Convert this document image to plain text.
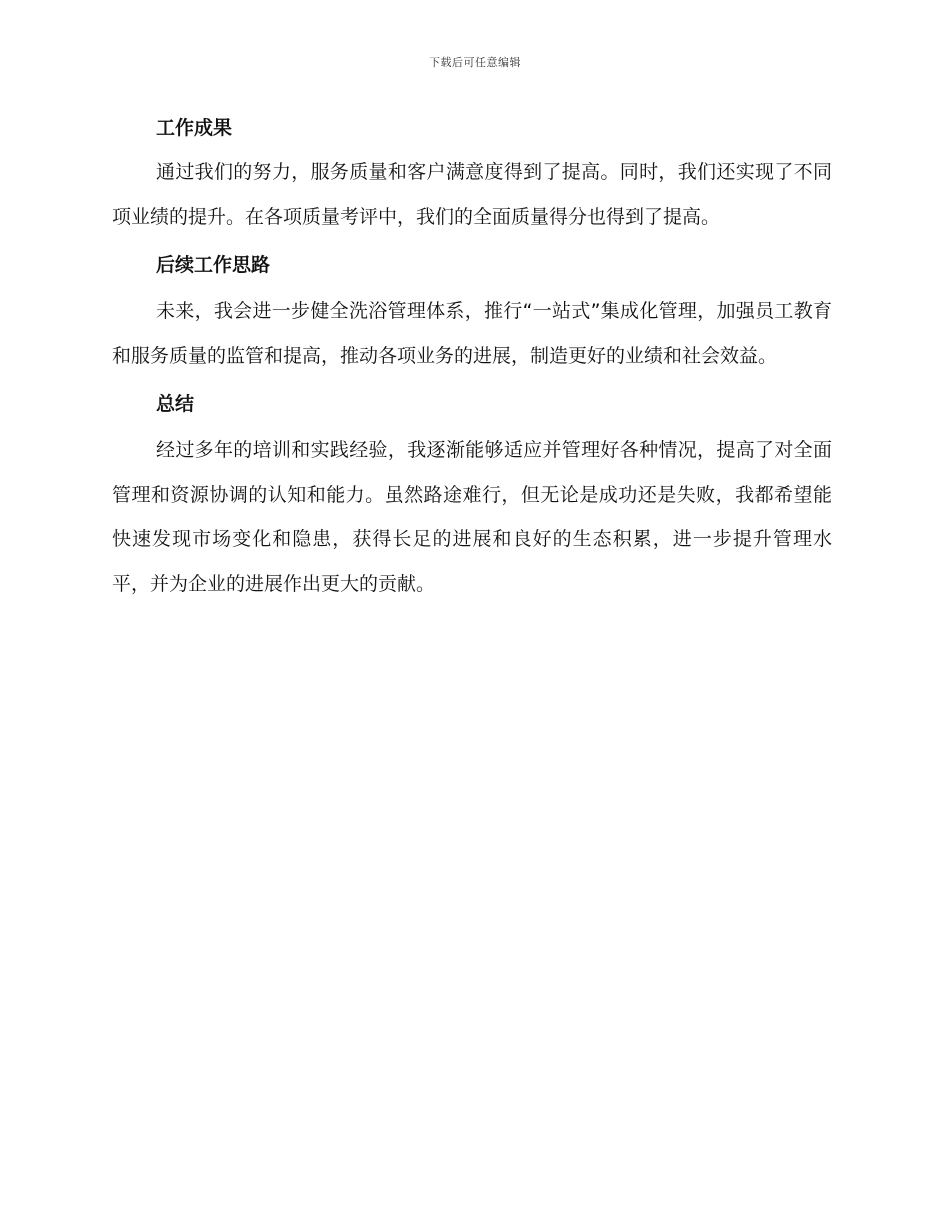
下载后可任意编辑
工作成果

通过我们的努力，服务质量和客户满意度得到了提高。同时，我们还实现了不同项业绩的提升。在各项质量考评中，我们的全面质量得分也得到了提高。

后续工作思路

未来，我会进一步健全洗浴管理体系，推行“一站式”集成化管理，加强员工教育和服务质量的监管和提高，推动各项业务的进展，制造更好的业绩和社会效益。

总结

经过多年的培训和实践经验，我逐渐能够适应并管理好各种情况，提高了对全面管理和资源协调的认知和能力。虽然路途难行，但无论是成功还是失败，我都希望能快速发现市场变化和隐患，获得长足的进展和良好的生态积累，进一步提升管理水平，并为企业的进展作出更大的贡献。
